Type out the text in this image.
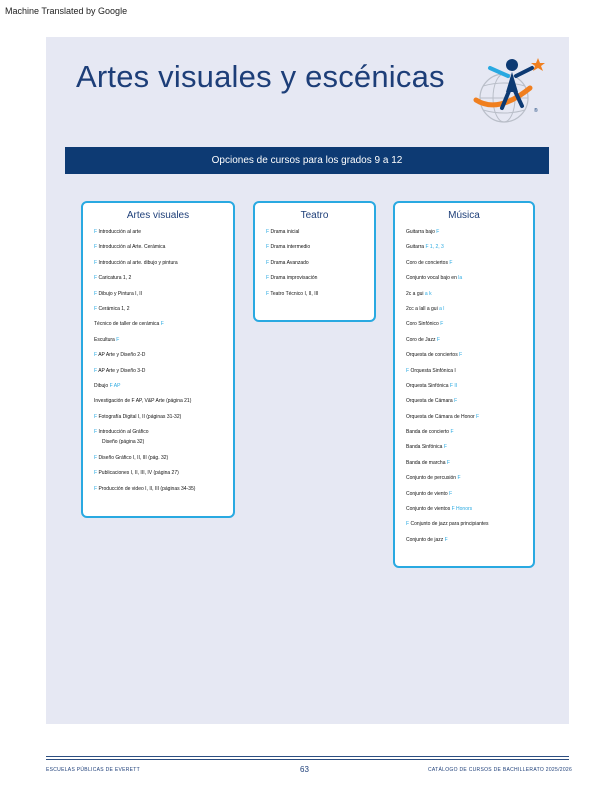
Machine Translated by Google
Artes visuales y escénicas
®
Opciones de cursos para los grados 9 a 12
Artes visuales
F Introducción al arte
F Introducción al Arte. Cerámica
F Introducción al arte. dibujo y pintura
F Caricatura 1, 2
F Dibujo y Pintura I, II
F Cerámica 1, 2
Técnico de taller de cerámica F
Escultura F
F AP Arte y Diseño 2-D
F AP Arte y Diseño 3-D
Dibujo F AP
Investigación de F AP, V&P Arte (página 21)
F Fotografía Digital I, II (páginas 31-32)
F Introducción al Gráfico
Diseño (página 32)
F Diseño Gráfico I, II, III (pág. 32)
F Publicaciones I, II, III, IV (página 27)
F Producción de video I, II, III (páginas 34-35)
Teatro
F Drama inicial
F Drama intermedio
F Drama Avanzado
F Drama improvisación
F Teatro Técnico I, II, III
Música
Guitarra bajo F
Guitarra F 1, 2, 3
Coro de conciertos F
Conjunto vocal bajo en la
2c a gui a k
2cc a lall a gui a l
Coro Sinfónico F
Coro de Jazz F
Orquesta de conciertos F
F Orquesta Sinfónica I
Orquesta Sinfónica F II
Orquesta de Cámara F
Orquesta de Cámara de Honor F
Banda de concierto F
Banda Sinfónica F
Banda de marcha F
Conjunto de percusión F
Conjunto de viento F
Conjunto de vientos F Honors
F Conjunto de jazz para principiantes
Conjunto de jazz F
ESCUELAS PÚBLICAS DE EVERETT	63	CATÁLOGO DE CURSOS DE BACHILLERATO 2025/2026
